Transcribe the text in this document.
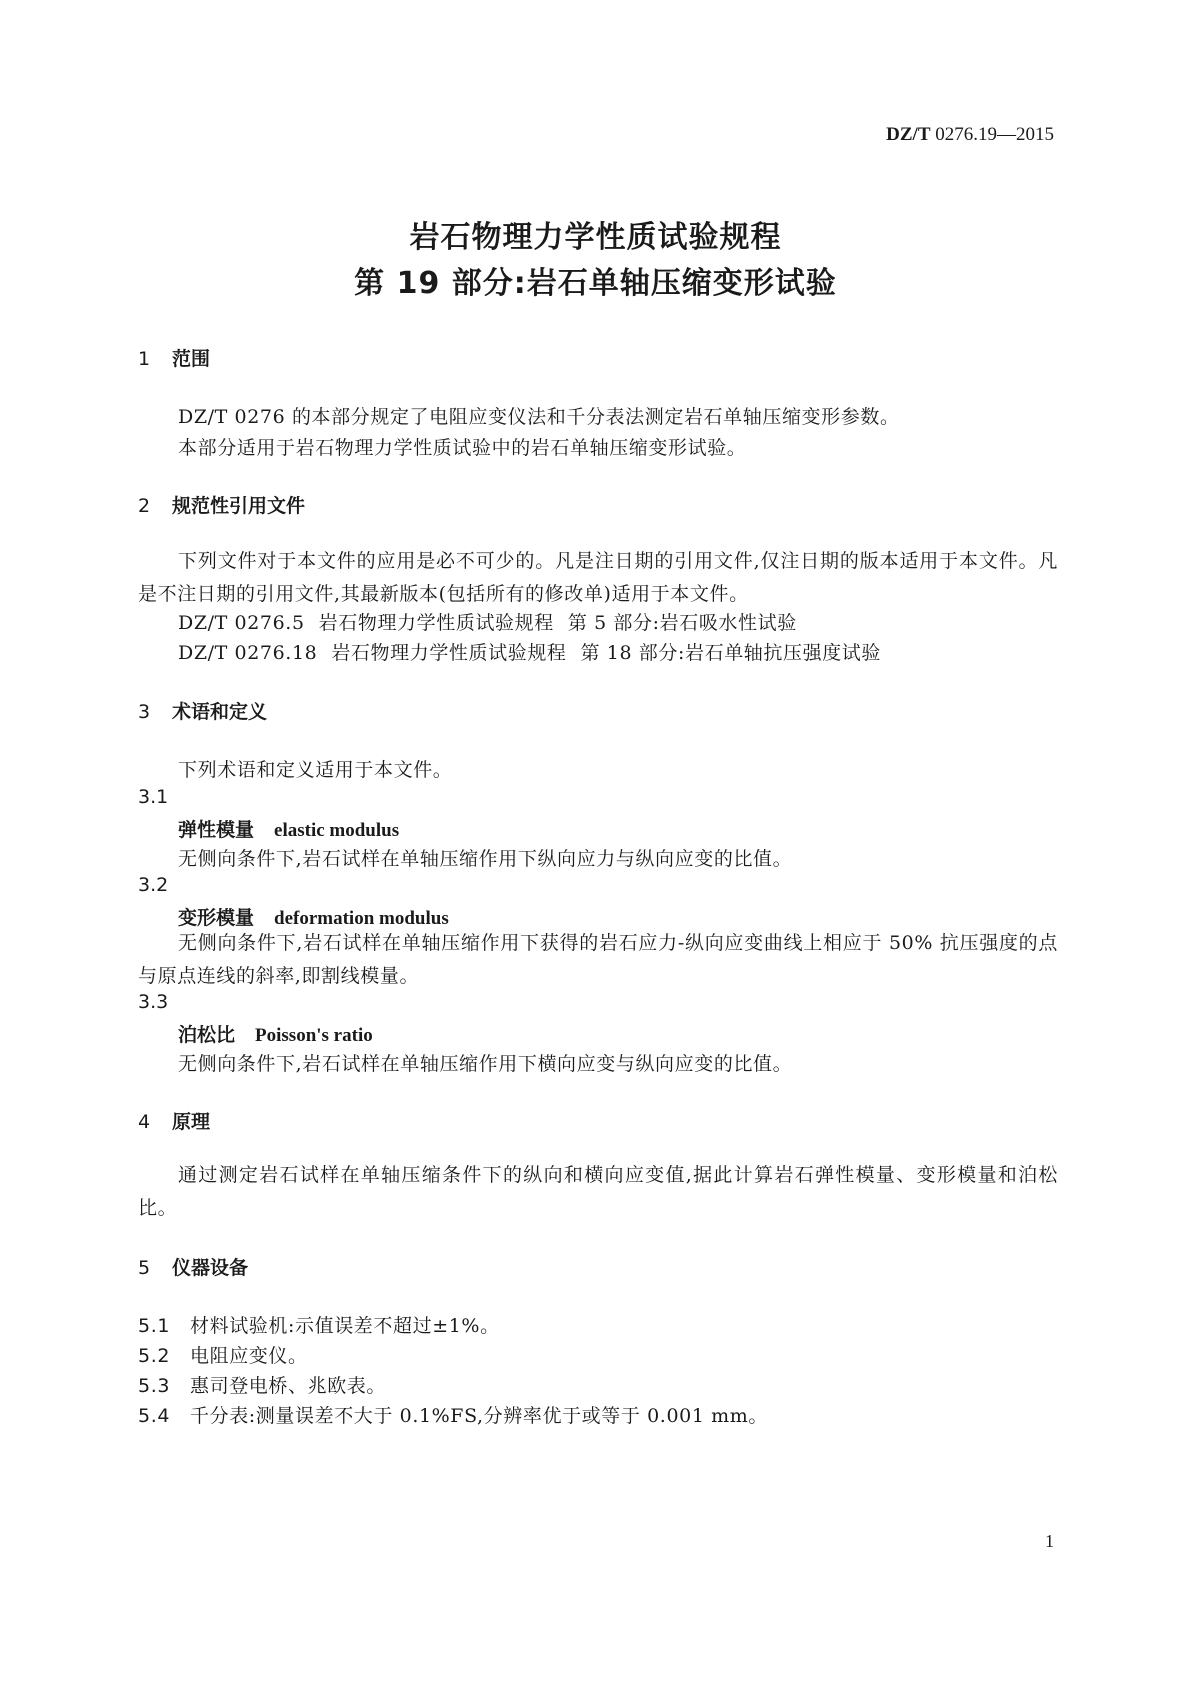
DZ/T 0276.19—2015
岩石物理力学性质试验规程
第 19 部分:岩石单轴压缩变形试验
1 范围
DZ/T 0276 的本部分规定了电阻应变仪法和千分表法测定岩石单轴压缩变形参数。
本部分适用于岩石物理力学性质试验中的岩石单轴压缩变形试验。
2 规范性引用文件
下列文件对于本文件的应用是必不可少的。凡是注日期的引用文件,仅注日期的版本适用于本文件。凡是不注日期的引用文件,其最新版本(包括所有的修改单)适用于本文件。
DZ/T 0276.5 岩石物理力学性质试验规程 第 5 部分:岩石吸水性试验
DZ/T 0276.18 岩石物理力学性质试验规程 第 18 部分:岩石单轴抗压强度试验
3 术语和定义
下列术语和定义适用于本文件。
3.1
弹性模量 elastic modulus
无侧向条件下,岩石试样在单轴压缩作用下纵向应力与纵向应变的比值。
3.2
变形模量 deformation modulus
无侧向条件下,岩石试样在单轴压缩作用下获得的岩石应力-纵向应变曲线上相应于 50% 抗压强度的点与原点连线的斜率,即割线模量。
3.3
泊松比 Poisson's ratio
无侧向条件下,岩石试样在单轴压缩作用下横向应变与纵向应变的比值。
4 原理
通过测定岩石试样在单轴压缩条件下的纵向和横向应变值,据此计算岩石弹性模量、变形模量和泊松比。
5 仪器设备
5.1 材料试验机:示值误差不超过±1%。
5.2 电阻应变仪。
5.3 惠司登电桥、兆欧表。
5.4 千分表:测量误差不大于 0.1%FS,分辨率优于或等于 0.001 mm。
1
